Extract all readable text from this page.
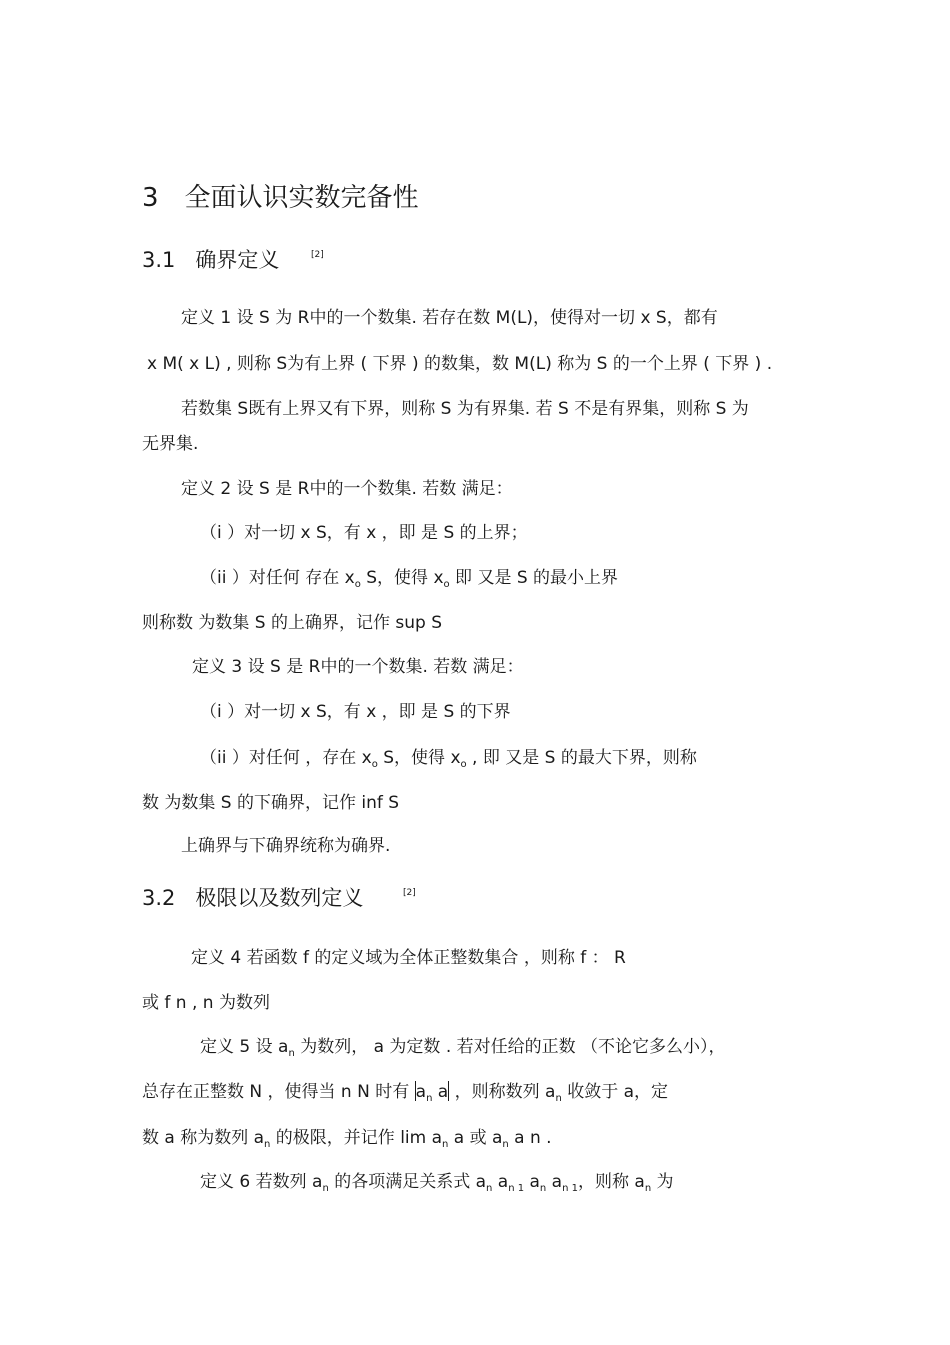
3 全面认识实数完备性
3.1 确界定义	[2]
定义 1 设 S 为 R中的一个数集. 若存在数 M(L)，使得对一切 x S，都有
x M( x L) , 则称 S为有上界 ( 下界 ) 的数集，数 M(L) 称为 S 的一个上界 ( 下界 ) .
若数集 S既有上界又有下界，则称 S 为有界集. 若 S 不是有界集，则称 S 为
无界集.
定义 2 设 S 是 R中的一个数集. 若数 满足：
（i ）对一切 x S，有 x ，即 是 S 的上界；
（ii ）对任何 存在 $x_o$ S，使得 $x_o$ 即 又是 S 的最小上界
则称数 为数集 S 的上确界，记作 sup S
定义 3 设 S 是 R中的一个数集. 若数 满足：
（i ）对一切 x S，有 x ，即 是 S 的下界
（ii ）对任何 ，存在 $x_o$ S，使得 $x_o$ , 即 又是 S 的最大下界，则称
数 为数集 S 的下确界，记作 inf S
上确界与下确界统称为确界.
3.2 极限以及数列定义	[2]
定义 4 若函数 f 的定义域为全体正整数集合 ，则称 f ： R
或 f n , n 为数列
定义 5 设 $a_n$ 为数列， a 为定数 . 若对任给的正数 （不论它多么小），
总存在正整数 N ，使得当 n N 时有 $a_n$ a ，则称数列 $a_n$ 收敛于 a，定
数 a 称为数列 $a_n$ 的极限，并记作 $\lim a_n$ a 或 $a_n$ a n .
定义 6 若数列 $a_n$ 的各项满足关系式 $a_n$ $a_{n 1}$ $a_n$ $a_{n 1}$，则称 $a_n$ 为
